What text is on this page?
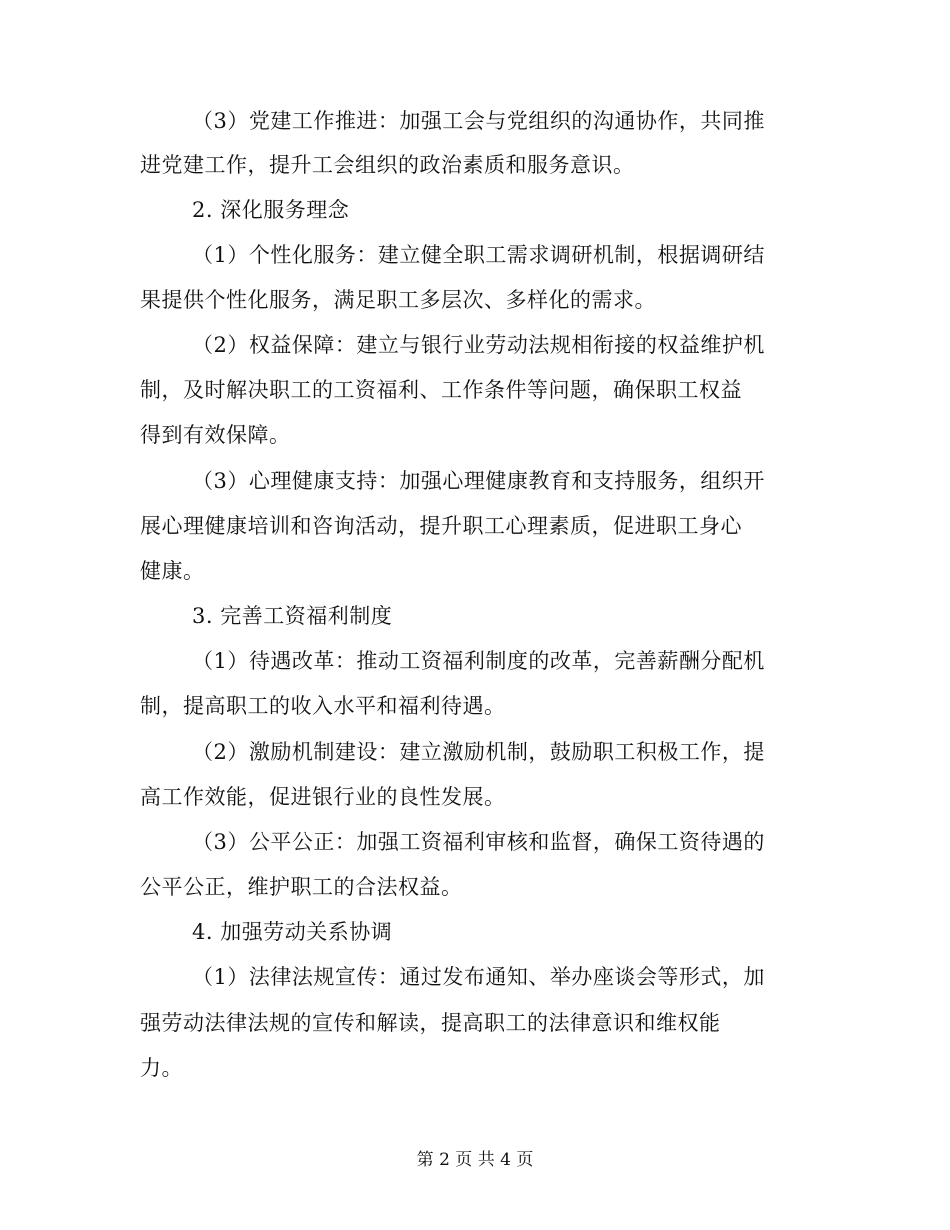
（3）党建工作推进：加强工会与党组织的沟通协作，共同推
进党建工作，提升工会组织的政治素质和服务意识。
2. 深化服务理念
（1）个性化服务：建立健全职工需求调研机制，根据调研结
果提供个性化服务，满足职工多层次、多样化的需求。
（2）权益保障：建立与银行业劳动法规相衔接的权益维护机
制，及时解决职工的工资福利、工作条件等问题，确保职工权益
得到有效保障。
（3）心理健康支持：加强心理健康教育和支持服务，组织开
展心理健康培训和咨询活动，提升职工心理素质，促进职工身心
健康。
3. 完善工资福利制度
（1）待遇改革：推动工资福利制度的改革，完善薪酬分配机
制，提高职工的收入水平和福利待遇。
（2）激励机制建设：建立激励机制，鼓励职工积极工作，提
高工作效能，促进银行业的良性发展。
（3）公平公正：加强工资福利审核和监督，确保工资待遇的
公平公正，维护职工的合法权益。
4. 加强劳动关系协调
（1）法律法规宣传：通过发布通知、举办座谈会等形式，加
强劳动法律法规的宣传和解读，提高职工的法律意识和维权能
力。
第 2 页 共 4 页
